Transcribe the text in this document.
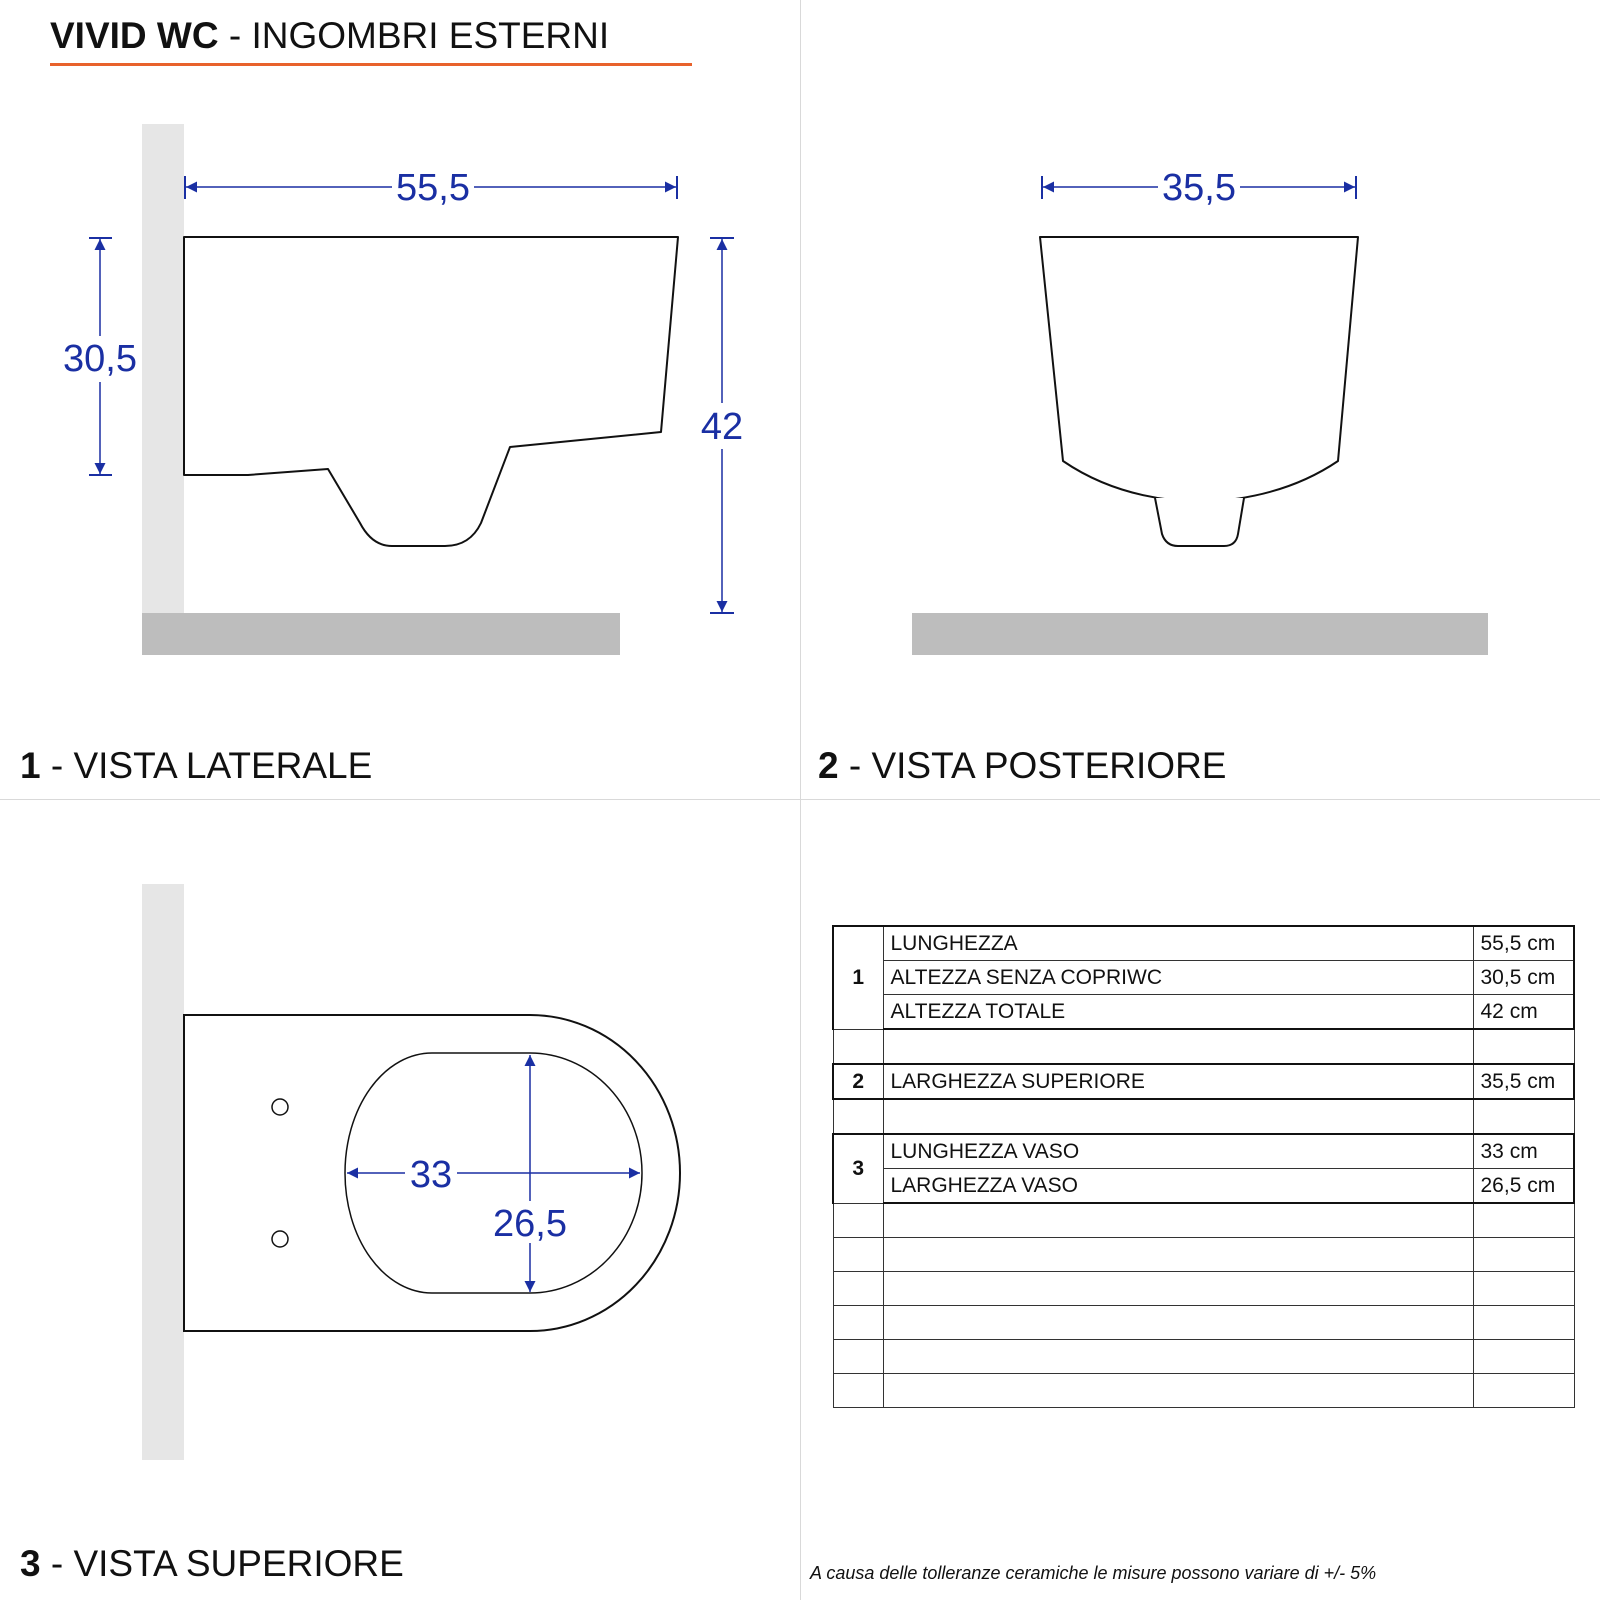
55,5
30,5
42
35,5
33
26,5
VIVID WC - INGOMBRI ESTERNI
1 - VISTA LATERALE	2 - VISTA POSTERIORE
3 - VISTA SUPERIORE
1	LUNGHEZZA	55,5 cm
	ALTEZZA SENZA COPRIWC	30,5 cm
	ALTEZZA TOTALE	42 cm

2	LARGHEZZA SUPERIORE	35,5 cm

3	LUNGHEZZA VASO	33 cm
	LARGHEZZA VASO	26,5 cm

A causa delle tolleranze ceramiche le misure possono variare di +/- 5%
